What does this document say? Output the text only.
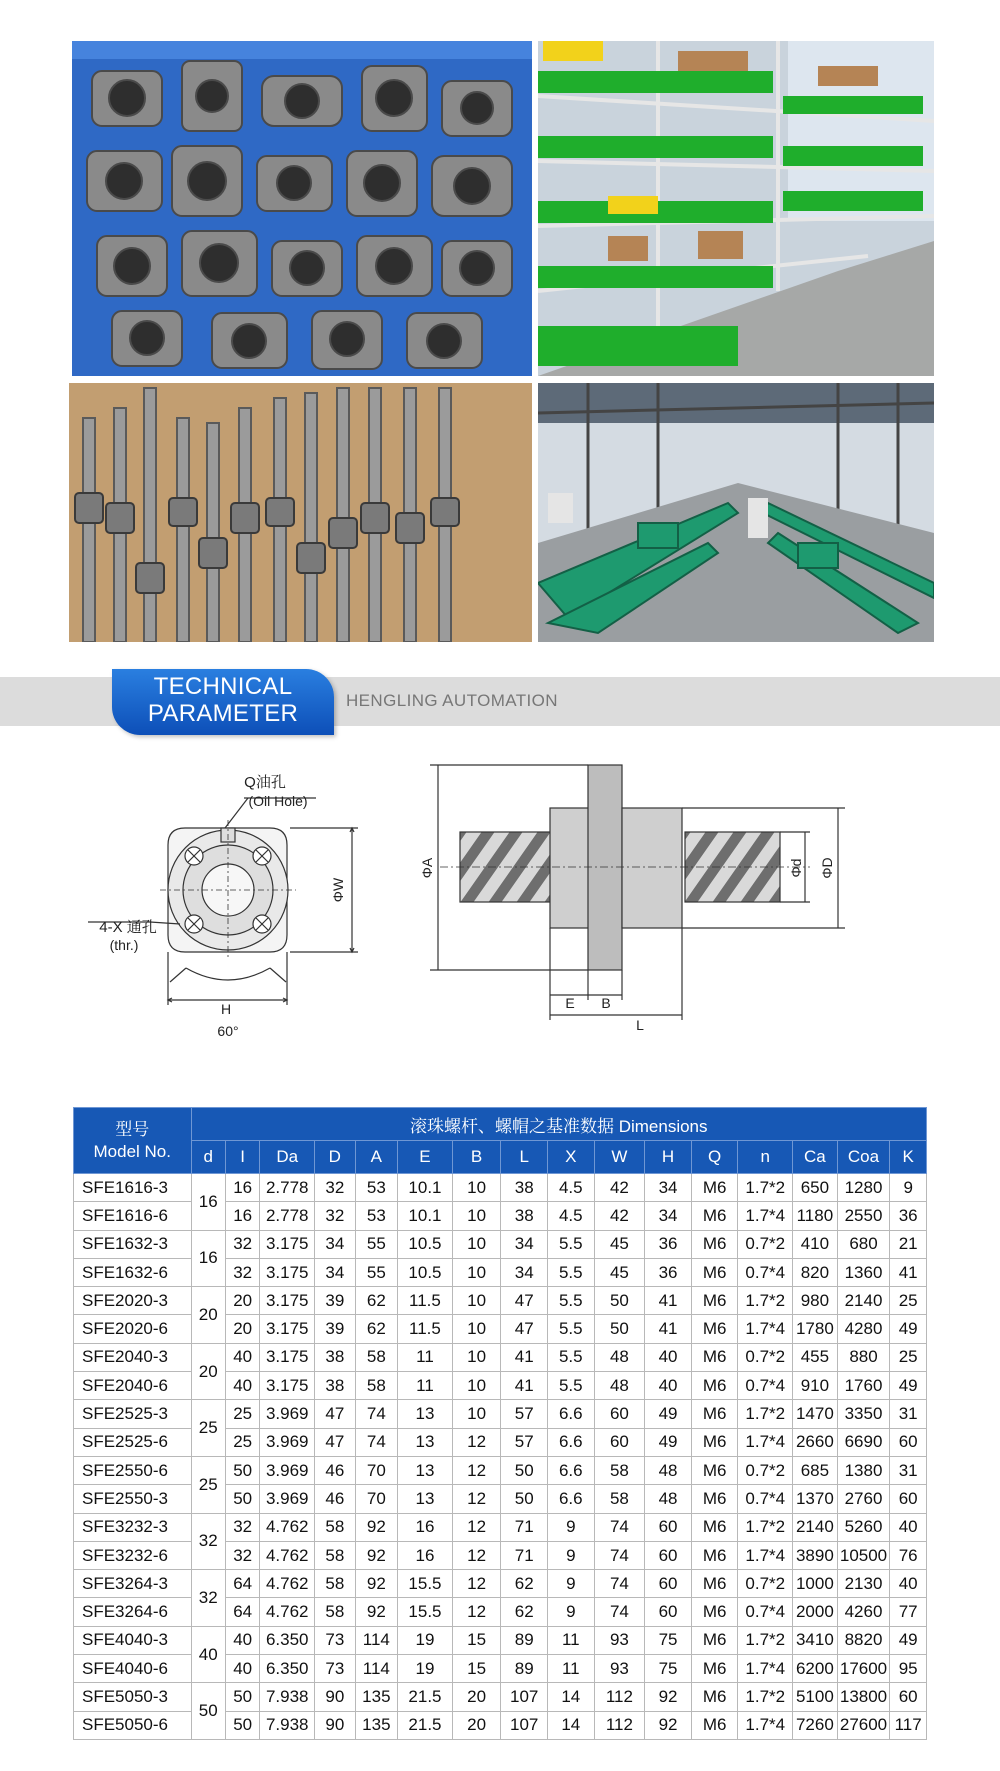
TECHNICAL
PARAMETER	HENGLING AUTOMATION
Q油孔
(Oil Hole)
4-X 通孔
(thr.)
60°
H
ΦW
ΦA
E B
L
Φd ΦD
型号
Model No.	滚珠螺杆、螺帽之基准数据 Dimensions															
	d	I	Da	D	A	E	B	L	X	W	H	Q	n	Ca	Coa	K
SFE1616-3	16	16	2.778	32	53	10.1	10	38	4.5	42	34	M6	1.7*2	650	1280	9
SFE1616-6		16	2.778	32	53	10.1	10	38	4.5	42	34	M6	1.7*4	1180	2550	36
SFE1632-3	16	32	3.175	34	55	10.5	10	34	5.5	45	36	M6	0.7*2	410	680	21
SFE1632-6		32	3.175	34	55	10.5	10	34	5.5	45	36	M6	0.7*4	820	1360	41
SFE2020-3	20	20	3.175	39	62	11.5	10	47	5.5	50	41	M6	1.7*2	980	2140	25
SFE2020-6		20	3.175	39	62	11.5	10	47	5.5	50	41	M6	1.7*4	1780	4280	49
SFE2040-3	20	40	3.175	38	58	11	10	41	5.5	48	40	M6	0.7*2	455	880	25
SFE2040-6		40	3.175	38	58	11	10	41	5.5	48	40	M6	0.7*4	910	1760	49
SFE2525-3	25	25	3.969	47	74	13	10	57	6.6	60	49	M6	1.7*2	1470	3350	31
SFE2525-6		25	3.969	47	74	13	12	57	6.6	60	49	M6	1.7*4	2660	6690	60
SFE2550-6	25	50	3.969	46	70	13	12	50	6.6	58	48	M6	0.7*2	685	1380	31
SFE2550-3		50	3.969	46	70	13	12	50	6.6	58	48	M6	0.7*4	1370	2760	60
SFE3232-3	32	32	4.762	58	92	16	12	71	9	74	60	M6	1.7*2	2140	5260	40
SFE3232-6		32	4.762	58	92	16	12	71	9	74	60	M6	1.7*4	3890	10500	76
SFE3264-3	32	64	4.762	58	92	15.5	12	62	9	74	60	M6	0.7*2	1000	2130	40
SFE3264-6		64	4.762	58	92	15.5	12	62	9	74	60	M6	0.7*4	2000	4260	77
SFE4040-3	40	40	6.350	73	114	19	15	89	11	93	75	M6	1.7*2	3410	8820	49
SFE4040-6		40	6.350	73	114	19	15	89	11	93	75	M6	1.7*4	6200	17600	95
SFE5050-3	50	50	7.938	90	135	21.5	20	107	14	112	92	M6	1.7*2	5100	13800	60
SFE5050-6		50	7.938	90	135	21.5	20	107	14	112	92	M6	1.7*4	7260	27600	117
